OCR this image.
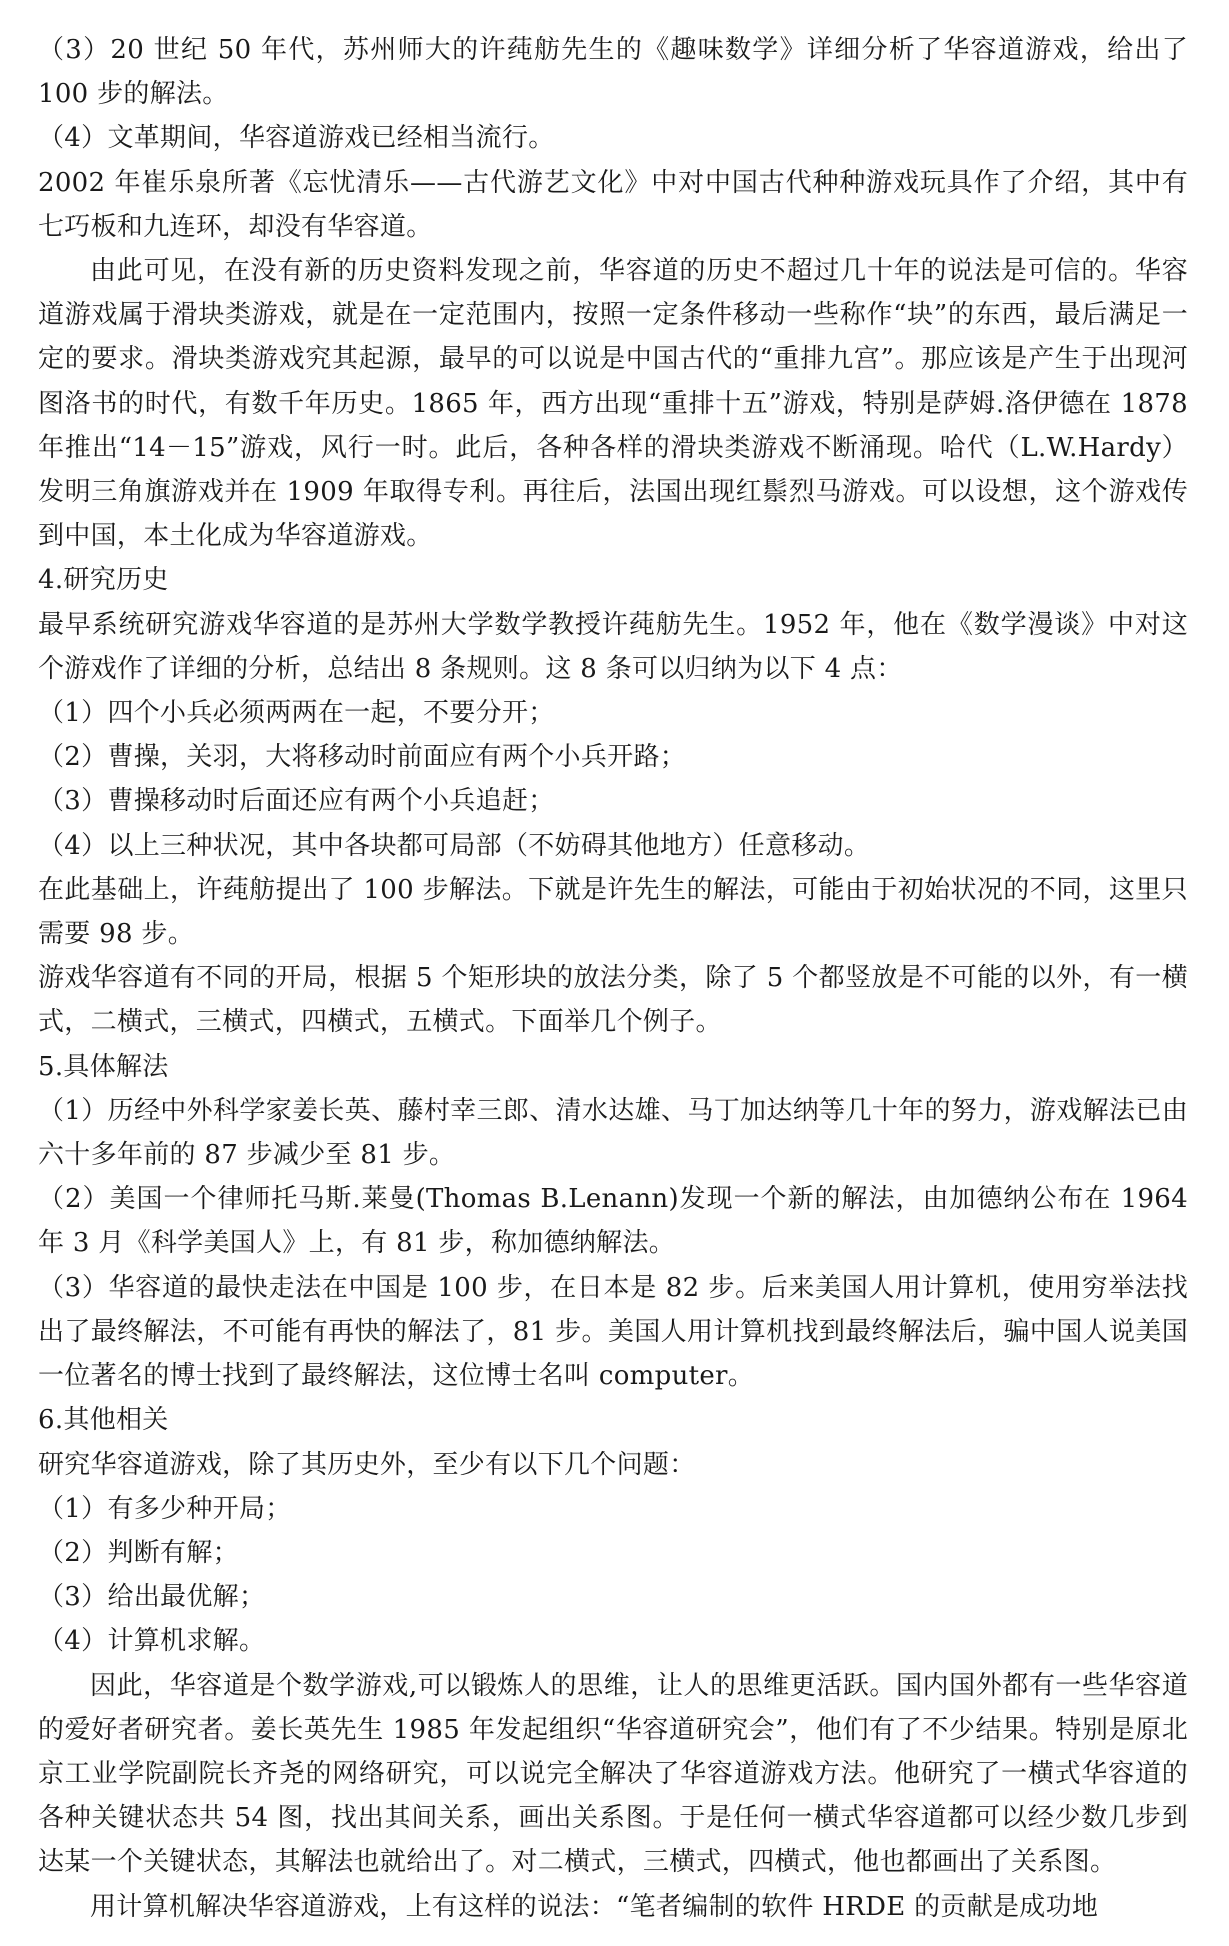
（3）20 世纪 50 年代，苏州师大的许莼舫先生的《趣味数学》详细分析了华容道游戏，给出了 100 步的解法。

（4）文革期间，华容道游戏已经相当流行。

2002 年崔乐泉所著《忘忧清乐——古代游艺文化》中对中国古代种种游戏玩具作了介绍，其中有七巧板和九连环，却没有华容道。

由此可见，在没有新的历史资料发现之前，华容道的历史不超过几十年的说法是可信的。华容道游戏属于滑块类游戏，就是在一定范围内，按照一定条件移动一些称作“块”的东西，最后满足一定的要求。滑块类游戏究其起源，最早的可以说是中国古代的“重排九宫”。那应该是产生于出现河图洛书的时代，有数千年历史。1865 年，西方出现“重排十五”游戏，特别是萨姆.洛伊德在 1878 年推出“14－15”游戏，风行一时。此后，各种各样的滑块类游戏不断涌现。哈代（L.W.Hardy）发明三角旗游戏并在 1909 年取得专利。再往后，法国出现红鬃烈马游戏。可以设想，这个游戏传到中国，本土化成为华容道游戏。

4.研究历史

最早系统研究游戏华容道的是苏州大学数学教授许莼舫先生。1952 年，他在《数学漫谈》中对这个游戏作了详细的分析，总结出 8 条规则。这 8 条可以归纳为以下 4 点：

（1）四个小兵必须两两在一起，不要分开；

（2）曹操，关羽，大将移动时前面应有两个小兵开路；

（3）曹操移动时后面还应有两个小兵追赶；

（4）以上三种状况，其中各块都可局部（不妨碍其他地方）任意移动。

在此基础上，许莼舫提出了 100 步解法。下就是许先生的解法，可能由于初始状况的不同，这里只需要 98 步。

游戏华容道有不同的开局，根据 5 个矩形块的放法分类，除了 5 个都竖放是不可能的以外，有一横式，二横式，三横式，四横式，五横式。下面举几个例子。

5.具体解法

（1）历经中外科学家姜长英、藤村幸三郎、清水达雄、马丁加达纳等几十年的努力，游戏解法已由六十多年前的 87 步减少至 81 步。

（2）美国一个律师托马斯.莱曼(Thomas B.Lenann)发现一个新的解法，由加德纳公布在 1964 年 3 月《科学美国人》上，有 81 步，称加德纳解法。

（3）华容道的最快走法在中国是 100 步，在日本是 82 步。后来美国人用计算机，使用穷举法找出了最终解法，不可能有再快的解法了，81 步。美国人用计算机找到最终解法后，骗中国人说美国一位著名的博士找到了最终解法，这位博士名叫 computer。

6.其他相关

研究华容道游戏，除了其历史外，至少有以下几个问题：

（1）有多少种开局；

（2）判断有解；

（3）给出最优解；

（4）计算机求解。

因此，华容道是个数学游戏,可以锻炼人的思维，让人的思维更活跃。国内国外都有一些华容道的爱好者研究者。姜长英先生 1985 年发起组织“华容道研究会”，他们有了不少结果。特别是原北京工业学院副院长齐尧的网络研究，可以说完全解决了华容道游戏方法。他研究了一横式华容道的各种关键状态共 54 图，找出其间关系，画出关系图。于是任何一横式华容道都可以经少数几步到达某一个关键状态，其解法也就给出了。对二横式，三横式，四横式，他也都画出了关系图。

用计算机解决华容道游戏，上有这样的说法：“笔者编制的软件 HRDE 的贡献是成功地
